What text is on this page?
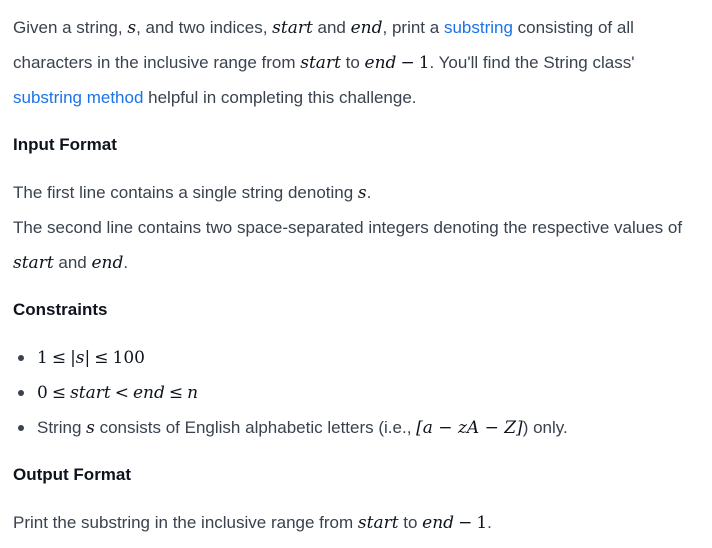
Given a string, s, and two indices, start and end, print a substring consisting of all
characters in the inclusive range from start to end − 1. You'll find the String class'
substring method helpful in completing this challenge.
Input Format
The first line contains a single string denoting s.
The second line contains two space-separated integers denoting the respective values of
start and end.
Constraints
1 ≤ |s| ≤ 100
0 ≤ start < end ≤ n
String s consists of English alphabetic letters (i.e., [a − zA − Z]) only.
Output Format
Print the substring in the inclusive range from start to end − 1.
